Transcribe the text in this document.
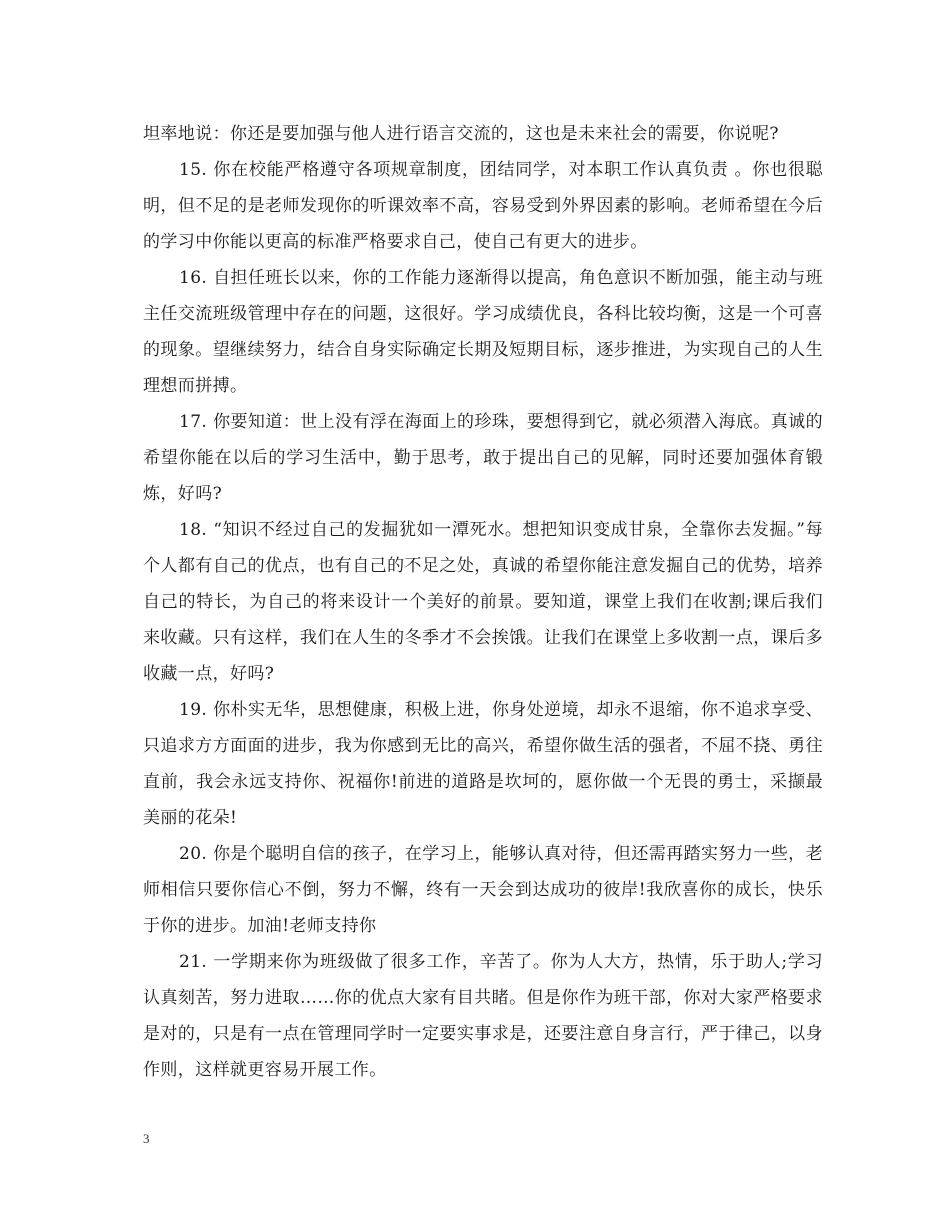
坦率地说：你还是要加强与他人进行语言交流的，这也是未来社会的需要，你说呢?

15. 你在校能严格遵守各项规章制度，团结同学，对本职工作认真负责 。你也很聪明，但不足的是老师发现你的听课效率不高，容易受到外界因素的影响。老师希望在今后的学习中你能以更高的标准严格要求自己，使自己有更大的进步。

16. 自担任班长以来，你的工作能力逐渐得以提高，角色意识不断加强，能主动与班主任交流班级管理中存在的问题，这很好。学习成绩优良，各科比较均衡，这是一个可喜的现象。望继续努力，结合自身实际确定长期及短期目标，逐步推进，为实现自己的人生理想而拼搏。

17. 你要知道：世上没有浮在海面上的珍珠，要想得到它，就必须潜入海底。真诚的希望你能在以后的学习生活中，勤于思考，敢于提出自己的见解，同时还要加强体育锻炼，好吗?

18. “知识不经过自己的发掘犹如一潭死水。想把知识变成甘泉，全靠你去发掘。”每个人都有自己的优点，也有自己的不足之处，真诚的希望你能注意发掘自己的优势，培养自己的特长，为自己的将来设计一个美好的前景。要知道，课堂上我们在收割;课后我们来收藏。只有这样，我们在人生的冬季才不会挨饿。让我们在课堂上多收割一点，课后多收藏一点，好吗?

19. 你朴实无华，思想健康，积极上进，你身处逆境，却永不退缩，你不追求享受、只追求方方面面的进步，我为你感到无比的高兴，希望你做生活的强者，不屈不挠、勇往直前，我会永远支持你、祝福你!前进的道路是坎坷的，愿你做一个无畏的勇士，采撷最美丽的花朵!

20. 你是个聪明自信的孩子，在学习上，能够认真对待，但还需再踏实努力一些，老师相信只要你信心不倒，努力不懈，终有一天会到达成功的彼岸!我欣喜你的成长，快乐于你的进步。加油!老师支持你

21. 一学期来你为班级做了很多工作，辛苦了。你为人大方，热情，乐于助人;学习认真刻苦，努力进取……你的优点大家有目共睹。但是你作为班干部，你对大家严格要求是对的，只是有一点在管理同学时一定要实事求是，还要注意自身言行，严于律己，以身作则，这样就更容易开展工作。

3
